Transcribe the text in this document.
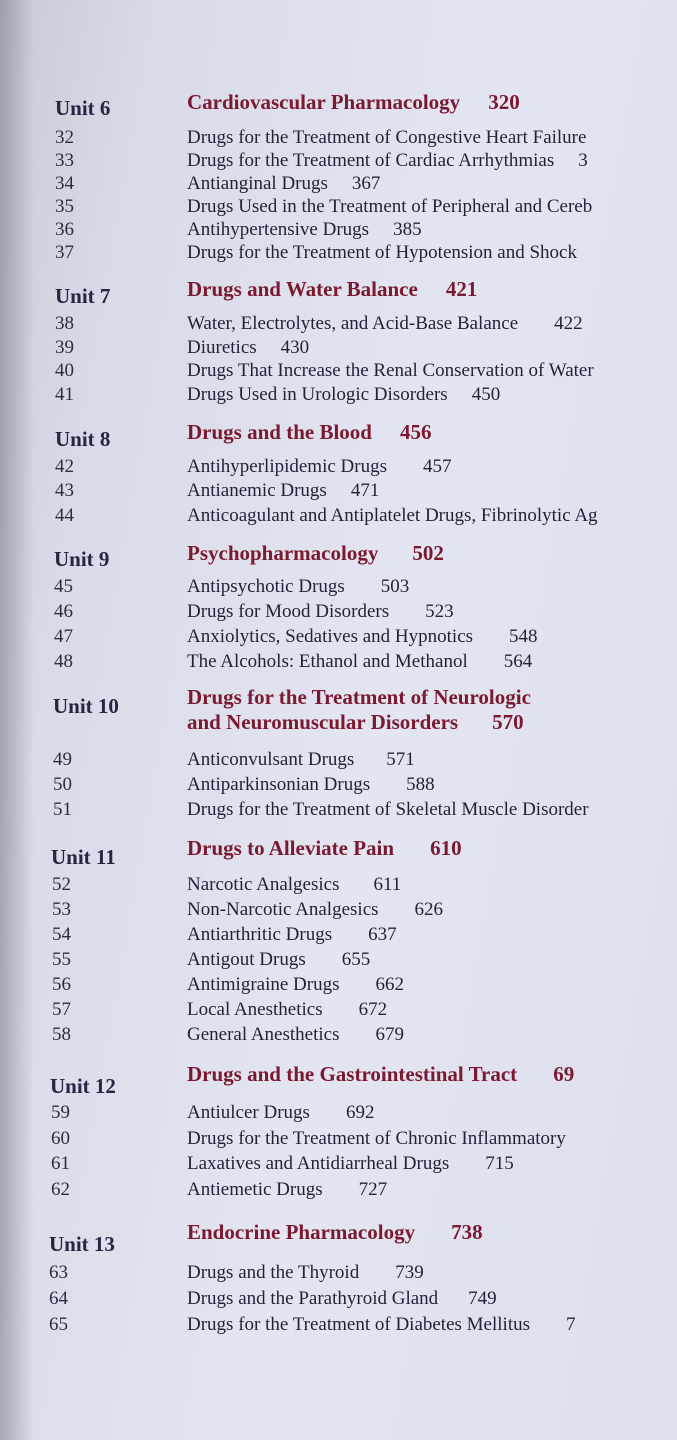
Unit 6	Cardiovascular Pharmacology 320
32	Drugs for the Treatment of Congestive Heart Failure
33	Drugs for the Treatment of Cardiac Arrhythmias 3
34	Antianginal Drugs 367
35	Drugs Used in the Treatment of Peripheral and Cereb
36	Antihypertensive Drugs 385
37	Drugs for the Treatment of Hypotension and Shock
Unit 7	Drugs and Water Balance 421
38	Water, Electrolytes, and Acid-Base Balance 422
39	Diuretics 430
40	Drugs That Increase the Renal Conservation of Water
41	Drugs Used in Urologic Disorders 450
Unit 8	Drugs and the Blood 456
42	Antihyperlipidemic Drugs 457
43	Antianemic Drugs 471
44	Anticoagulant and Antiplatelet Drugs, Fibrinolytic Ag
Unit 9	Psychopharmacology 502
45	Antipsychotic Drugs 503
46	Drugs for Mood Disorders 523
47	Anxiolytics, Sedatives and Hypnotics 548
48	The Alcohols: Ethanol and Methanol 564
Unit 10	Drugs for the Treatment of Neurologic
and Neuromuscular Disorders 570
49	Anticonvulsant Drugs 571
50	Antiparkinsonian Drugs 588
51	Drugs for the Treatment of Skeletal Muscle Disorder
Unit 11	Drugs to Alleviate Pain 610
52	Narcotic Analgesics 611
53	Non-Narcotic Analgesics 626
54	Antiarthritic Drugs 637
55	Antigout Drugs 655
56	Antimigraine Drugs 662
57	Local Anesthetics 672
58	General Anesthetics 679
Unit 12	Drugs and the Gastrointestinal Tract 69
59	Antiulcer Drugs 692
60	Drugs for the Treatment of Chronic Inflammatory
61	Laxatives and Antidiarrheal Drugs 715
62	Antiemetic Drugs 727
Unit 13	Endocrine Pharmacology 738
63	Drugs and the Thyroid 739
64	Drugs and the Parathyroid Gland 749
65	Drugs for the Treatment of Diabetes Mellitus 7
